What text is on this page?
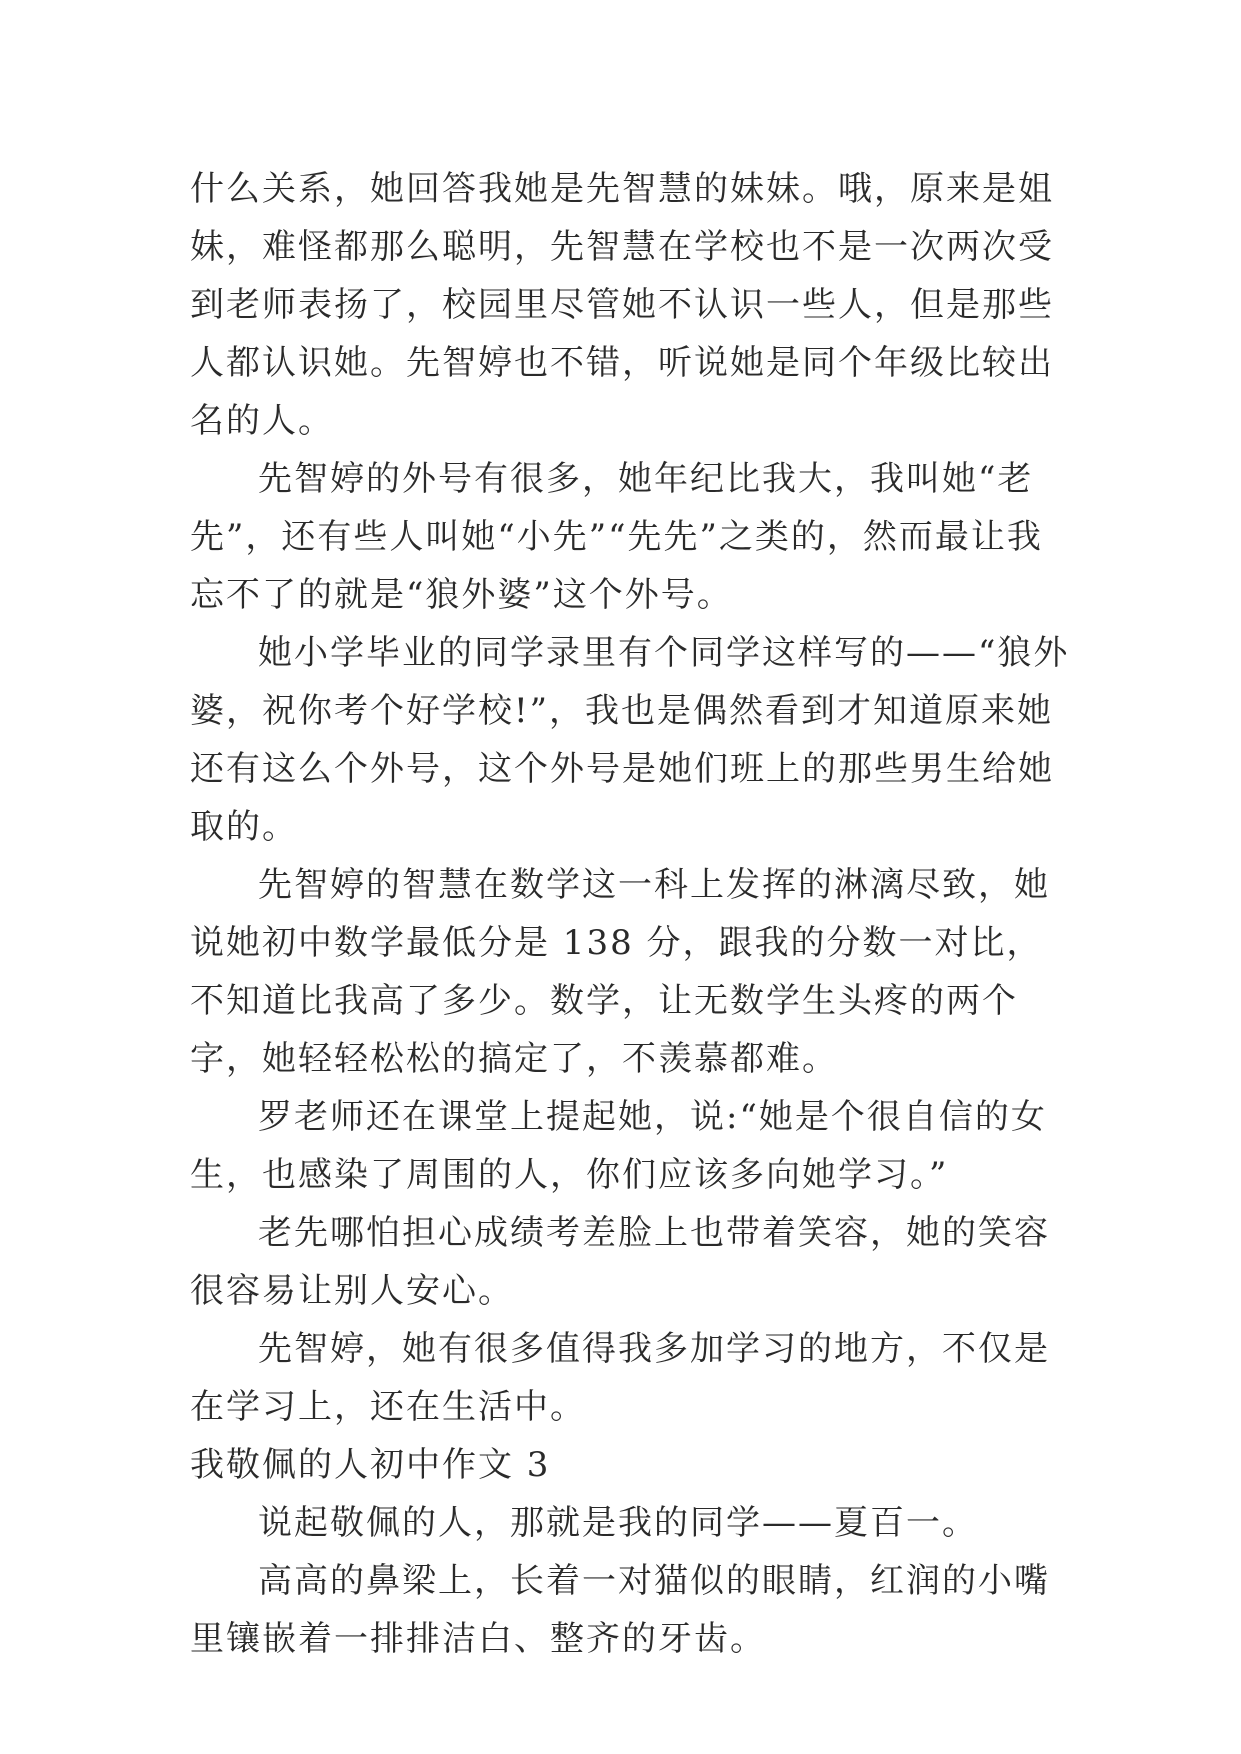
什么关系，她回答我她是先智慧的妹妹。哦，原来是姐妹，难怪都那么聪明，先智慧在学校也不是一次两次受到老师表扬了，校园里尽管她不认识一些人，但是那些人都认识她。先智婷也不错，听说她是同个年级比较出名的人。

先智婷的外号有很多，她年纪比我大，我叫她“老先”，还有些人叫她“小先”“先先”之类的，然而最让我忘不了的就是“狼外婆”这个外号。

她小学毕业的同学录里有个同学这样写的——“狼外婆，祝你考个好学校!”，我也是偶然看到才知道原来她还有这么个外号，这个外号是她们班上的那些男生给她取的。

先智婷的智慧在数学这一科上发挥的淋漓尽致，她说她初中数学最低分是 138 分，跟我的分数一对比，不知道比我高了多少。数学，让无数学生头疼的两个字，她轻轻松松的搞定了，不羡慕都难。

罗老师还在课堂上提起她，说:“她是个很自信的女生，也感染了周围的人，你们应该多向她学习。”

老先哪怕担心成绩考差脸上也带着笑容，她的笑容很容易让别人安心。

先智婷，她有很多值得我多加学习的地方，不仅是在学习上，还在生活中。

我敬佩的人初中作文 3

说起敬佩的人，那就是我的同学——夏百一。

高高的鼻梁上，长着一对猫似的眼睛，红润的小嘴里镶嵌着一排排洁白、整齐的牙齿。
